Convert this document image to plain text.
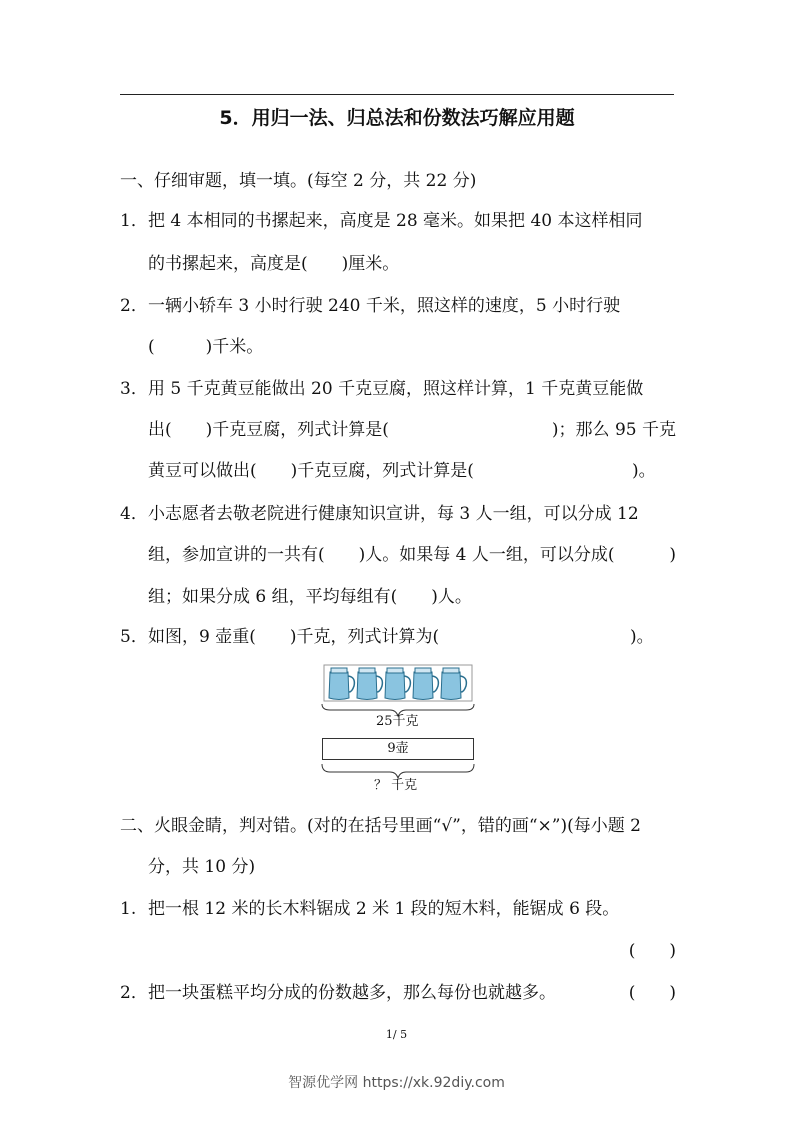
5．用归一法、归总法和份数法巧解应用题
一、仔细审题，填一填。(每空 2 分，共 22 分)
1．把 4 本相同的书摞起来，高度是 28 毫米。如果把 40 本这样相同
的书摞起来，高度是(　　)厘米。
2．一辆小轿车 3 小时行驶 240 千米，照这样的速度，5 小时行驶
(　　　)千米。
3．用 5 千克黄豆能做出 20 千克豆腐，照这样计算，1 千克黄豆能做
出(　　)千克豆腐，列式计算是(	)；那么 95 千克
黄豆可以做出(　　)千克豆腐，列式计算是(	)。
4．小志愿者去敬老院进行健康知识宣讲，每 3 人一组，可以分成 12
组，参加宣讲的一共有(　　)人。如果每 4 人一组，可以分成(	)
组；如果分成 6 组，平均每组有(　　)人。
5．如图，9 壶重(　　)千克，列式计算为(	)。
25千克
9壶
？ 千克
二、火眼金睛，判对错。(对的在括号里画“√”，错的画“×”)(每小题 2
分，共 10 分)
1. 把一根 12 米的长木料锯成 2 米 1 段的短木料，能锯成 6 段。
(　　)
2．把一块蛋糕平均分成的份数越多，那么每份也就越多。	(　　)
1/ 5
智源优学网 https://xk.92diy.com
